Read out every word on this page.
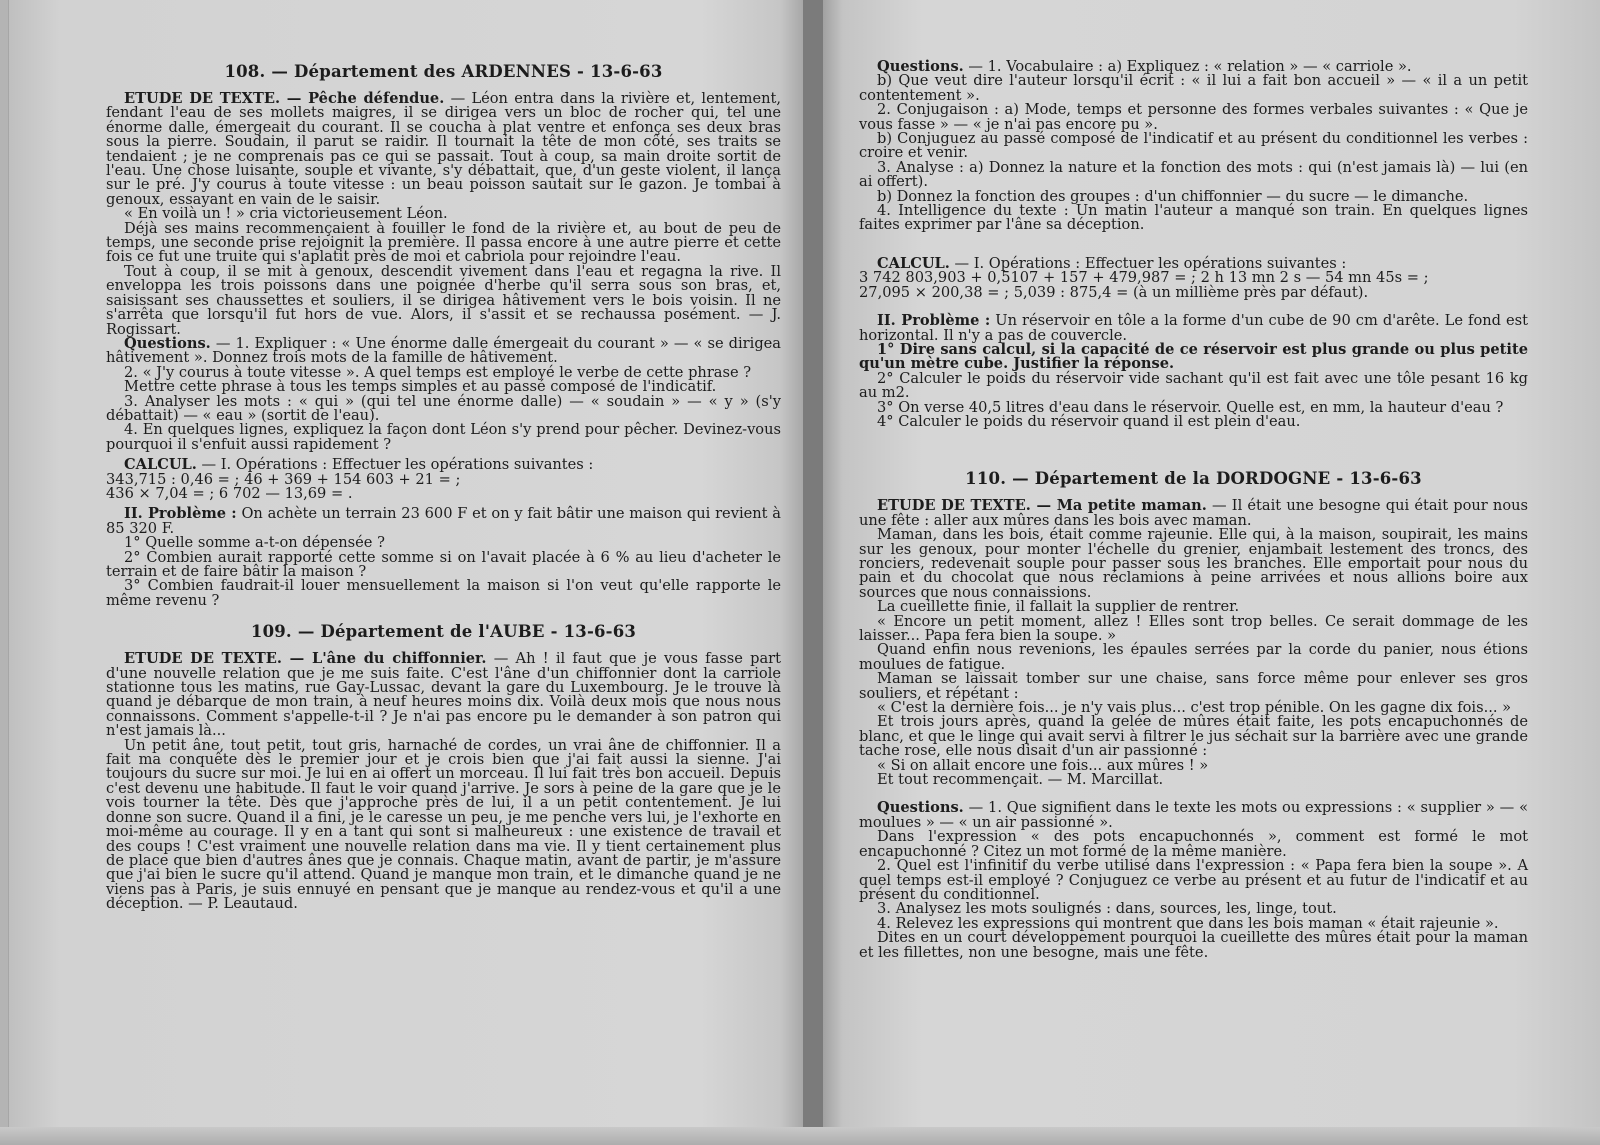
108. — Département des ARDENNES - 13-6-63

ETUDE DE TEXTE. — Pêche défendue. — Léon entra dans la rivière et, lentement, fendant l'eau de ses mollets maigres, il se dirigea vers un bloc de rocher qui, tel une énorme dalle, émergeait du courant. Il se coucha à plat ventre et enfonça ses deux bras sous la pierre. Soudain, il parut se raidir. Il tournait la tête de mon côté, ses traits se tendaient ; je ne comprenais pas ce qui se passait. Tout à coup, sa main droite sortit de l'eau. Une chose luisante, souple et vivante, s'y débattait, que, d'un geste violent, il lança sur le pré. J'y courus à toute vitesse : un beau poisson sautait sur le gazon. Je tombai à genoux, essayant en vain de le saisir.

« En voilà un ! » cria victorieusement Léon.

Déjà ses mains recommençaient à fouiller le fond de la rivière et, au bout de peu de temps, une seconde prise rejoignit la première. Il passa encore à une autre pierre et cette fois ce fut une truite qui s'aplatit près de moi et cabriola pour rejoindre l'eau.

Tout à coup, il se mit à genoux, descendit vivement dans l'eau et regagna la rive. Il enveloppa les trois poissons dans une poignée d'herbe qu'il serra sous son bras, et, saisissant ses chaussettes et souliers, il se dirigea hâtivement vers le bois voisin. Il ne s'arrêta que lorsqu'il fut hors de vue. Alors, il s'assit et se rechaussa posément. — J. Rogissart.

Questions. — 1. Expliquer : « Une énorme dalle émergeait du courant » — « se dirigea hâtivement ». Donnez trois mots de la famille de hâtivement.

2. « J'y courus à toute vitesse ». A quel temps est employé le verbe de cette phrase ?

Mettre cette phrase à tous les temps simples et au passé composé de l'indicatif.

3. Analyser les mots : « qui » (qui tel une énorme dalle) — « soudain » — « y » (s'y débattait) — « eau » (sortit de l'eau).

4. En quelques lignes, expliquez la façon dont Léon s'y prend pour pêcher. Devinez-vous pourquoi il s'enfuit aussi rapidement ?

CALCUL. — I. Opérations : Effectuer les opérations suivantes :

343,715 : 0,46 = ; 46 + 369 + 154 603 + 21 = ;

436 × 7,04 = ; 6 702 — 13,69 = .

II. Problème : On achète un terrain 23 600 F et on y fait bâtir une maison qui revient à 85 320 F.

1° Quelle somme a-t-on dépensée ?

2° Combien aurait rapporté cette somme si on l'avait placée à 6 % au lieu d'acheter le terrain et de faire bâtir la maison ?

3° Combien faudrait-il louer mensuellement la maison si l'on veut qu'elle rapporte le même revenu ?

109. — Département de l'AUBE - 13-6-63

ETUDE DE TEXTE. — L'âne du chiffonnier. — Ah ! il faut que je vous fasse part d'une nouvelle relation que je me suis faite. C'est l'âne d'un chiffonnier dont la carriole stationne tous les matins, rue Gay-Lussac, devant la gare du Luxembourg. Je le trouve là quand je débarque de mon train, à neuf heures moins dix. Voilà deux mois que nous nous connaissons. Comment s'appelle-t-il ? Je n'ai pas encore pu le demander à son patron qui n'est jamais là...

Un petit âne, tout petit, tout gris, harnaché de cordes, un vrai âne de chiffonnier. Il a fait ma conquête dès le premier jour et je crois bien que j'ai fait aussi la sienne. J'ai toujours du sucre sur moi. Je lui en ai offert un morceau. Il lui fait très bon accueil. Depuis c'est devenu une habitude. Il faut le voir quand j'arrive. Je sors à peine de la gare que je le vois tourner la tête. Dès que j'approche près de lui, il a un petit contentement. Je lui donne son sucre. Quand il a fini, je le caresse un peu, je me penche vers lui, je l'exhorte en moi-même au courage. Il y en a tant qui sont si malheureux : une existence de travail et des coups ! C'est vraiment une nouvelle relation dans ma vie. Il y tient certainement plus de place que bien d'autres ânes que je connais. Chaque matin, avant de partir, je m'assure que j'ai bien le sucre qu'il attend. Quand je manque mon train, et le dimanche quand je ne viens pas à Paris, je suis ennuyé en pensant que je manque au rendez-vous et qu'il a une déception. — P. Leautaud.

Questions. — 1. Vocabulaire : a) Expliquez : « relation » — « carriole ».

b) Que veut dire l'auteur lorsqu'il écrit : « il lui a fait bon accueil » — « il a un petit contentement ».

2. Conjugaison : a) Mode, temps et personne des formes verbales suivantes : « Que je vous fasse » — « je n'ai pas encore pu ».

b) Conjuguez au passé composé de l'indicatif et au présent du conditionnel les verbes : croire et venir.

3. Analyse : a) Donnez la nature et la fonction des mots : qui (n'est jamais là) — lui (en ai offert).

b) Donnez la fonction des groupes : d'un chiffonnier — du sucre — le dimanche.

4. Intelligence du texte : Un matin l'auteur a manqué son train. En quelques lignes faites exprimer par l'âne sa déception.

CALCUL. — I. Opérations : Effectuer les opérations suivantes :

3 742 803,903 + 0,5107 + 157 + 479,987 = ; 2 h 13 mn 2 s — 54 mn 45s = ;

27,095 × 200,38 = ; 5,039 : 875,4 = (à un millième près par défaut).

II. Problème : Un réservoir en tôle a la forme d'un cube de 90 cm d'arête. Le fond est horizontal. Il n'y a pas de couvercle.

1° Dire sans calcul, si la capacité de ce réservoir est plus grande ou plus petite qu'un mètre cube. Justifier la réponse.

2° Calculer le poids du réservoir vide sachant qu'il est fait avec une tôle pesant 16 kg au m2.

3° On verse 40,5 litres d'eau dans le réservoir. Quelle est, en mm, la hauteur d'eau ?

4° Calculer le poids du réservoir quand il est plein d'eau.

110. — Département de la DORDOGNE - 13-6-63

ETUDE DE TEXTE. — Ma petite maman. — Il était une besogne qui était pour nous une fête : aller aux mûres dans les bois avec maman.

Maman, dans les bois, était comme rajeunie. Elle qui, à la maison, soupirait, les mains sur les genoux, pour monter l'échelle du grenier, enjambait lestement des troncs, des ronciers, redevenait souple pour passer sous les branches. Elle emportait pour nous du pain et du chocolat que nous réclamions à peine arrivées et nous allions boire aux sources que nous connaissions.

La cueillette finie, il fallait la supplier de rentrer.

« Encore un petit moment, allez ! Elles sont trop belles. Ce serait dommage de les laisser... Papa fera bien la soupe. »

Quand enfin nous revenions, les épaules serrées par la corde du panier, nous étions moulues de fatigue.

Maman se laissait tomber sur une chaise, sans force même pour enlever ses gros souliers, et répétant :

« C'est la dernière fois... je n'y vais plus... c'est trop pénible. On les gagne dix fois... »

Et trois jours après, quand la gelée de mûres était faite, les pots encapuchonnés de blanc, et que le linge qui avait servi à filtrer le jus séchait sur la barrière avec une grande tache rose, elle nous disait d'un air passionné :

« Si on allait encore une fois... aux mûres ! »

Et tout recommençait. — M. Marcillat.

Questions. — 1. Que signifient dans le texte les mots ou expressions : « supplier » — « moulues » — « un air passionné ».

Dans l'expression « des pots encapuchonnés », comment est formé le mot encapuchonné ? Citez un mot formé de la même manière.

2. Quel est l'infinitif du verbe utilisé dans l'expression : « Papa fera bien la soupe ». A quel temps est-il employé ? Conjuguez ce verbe au présent et au futur de l'indicatif et au présent du conditionnel.

3. Analysez les mots soulignés : dans, sources, les, linge, tout.

4. Relevez les expressions qui montrent que dans les bois maman « était rajeunie ».

Dites en un court développement pourquoi la cueillette des mûres était pour la maman et les fillettes, non une besogne, mais une fête.
